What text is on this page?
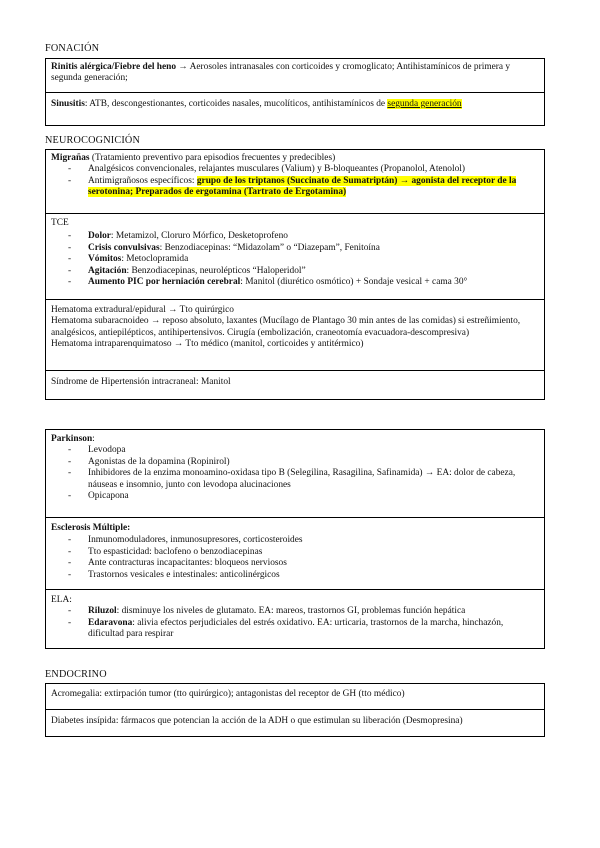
FONACIÓN
Rinitis alérgica/Fiebre del heno → Aerosoles intranasales con corticoides y cromoglicato; Antihistamínicos de primera y segunda generación;
Sinusitis: ATB, descongestionantes, corticoides nasales, mucolíticos, antihistamínicos de segunda generación
NEUROCOGNICIÓN
Migrañas (Tratamiento preventivo para episodios frecuentes y predecibles)
- Analgésicos convencionales, relajantes musculares (Valium) y B-bloqueantes (Propanolol, Atenolol)
- Antimigrañosos específicos: grupo de los triptanos (Succinato de Sumatriptán) → agonista del receptor de la serotonina; Preparados de ergotamina (Tartrato de Ergotamina)
TCE
- Dolor: Metamizol, Cloruro Mórfico, Desketoprofeno
- Crisis convulsivas: Benzodiacepinas: “Midazolam” o “Diazepam”, Fenitoína
- Vómitos: Metoclopramida
- Agitación: Benzodiacepinas, neurolépticos “Haloperidol”
- Aumento PIC por herniación cerebral: Manitol (diurético osmótico) + Sondaje vesical + cama 30°
Hematoma extradural/epidural → Tto quirúrgico
Hematoma subaracnoideo → reposo absoluto, laxantes (Mucílago de Plantago 30 min antes de las comidas) si estreñimiento, analgésicos, antiepilépticos, antihipertensivos. Cirugía (embolización, craneotomía evacuadora-descompresiva)
Hematoma intraparenquimatoso → Tto médico (manitol, corticoides y antitérmico)
Síndrome de Hipertensión intracraneal: Manitol
Parkinson:
- Levodopa
- Agonistas de la dopamina (Ropinirol)
- Inhibidores de la enzima monoamino-oxidasa tipo B (Selegilina, Rasagilina, Safinamida) → EA: dolor de cabeza, náuseas e insomnio, junto con levodopa alucinaciones
- Opicapona
Esclerosis Múltiple:
- Inmunomoduladores, inmunosupresores, corticosteroides
- Tto espasticidad: baclofeno o benzodiacepinas
- Ante contracturas incapacitantes: bloqueos nerviosos
- Trastornos vesicales e intestinales: anticolinérgicos
ELA:
- Riluzol: disminuye los niveles de glutamato. EA: mareos, trastornos GI, problemas función hepática
- Edaravona: alivia efectos perjudiciales del estrés oxidativo. EA: urticaria, trastornos de la marcha, hinchazón, dificultad para respirar
ENDOCRINO
Acromegalia: extirpación tumor (tto quirúrgico); antagonistas del receptor de GH (tto médico)
Diabetes insípida: fármacos que potencian la acción de la ADH o que estimulan su liberación (Desmopresina)
